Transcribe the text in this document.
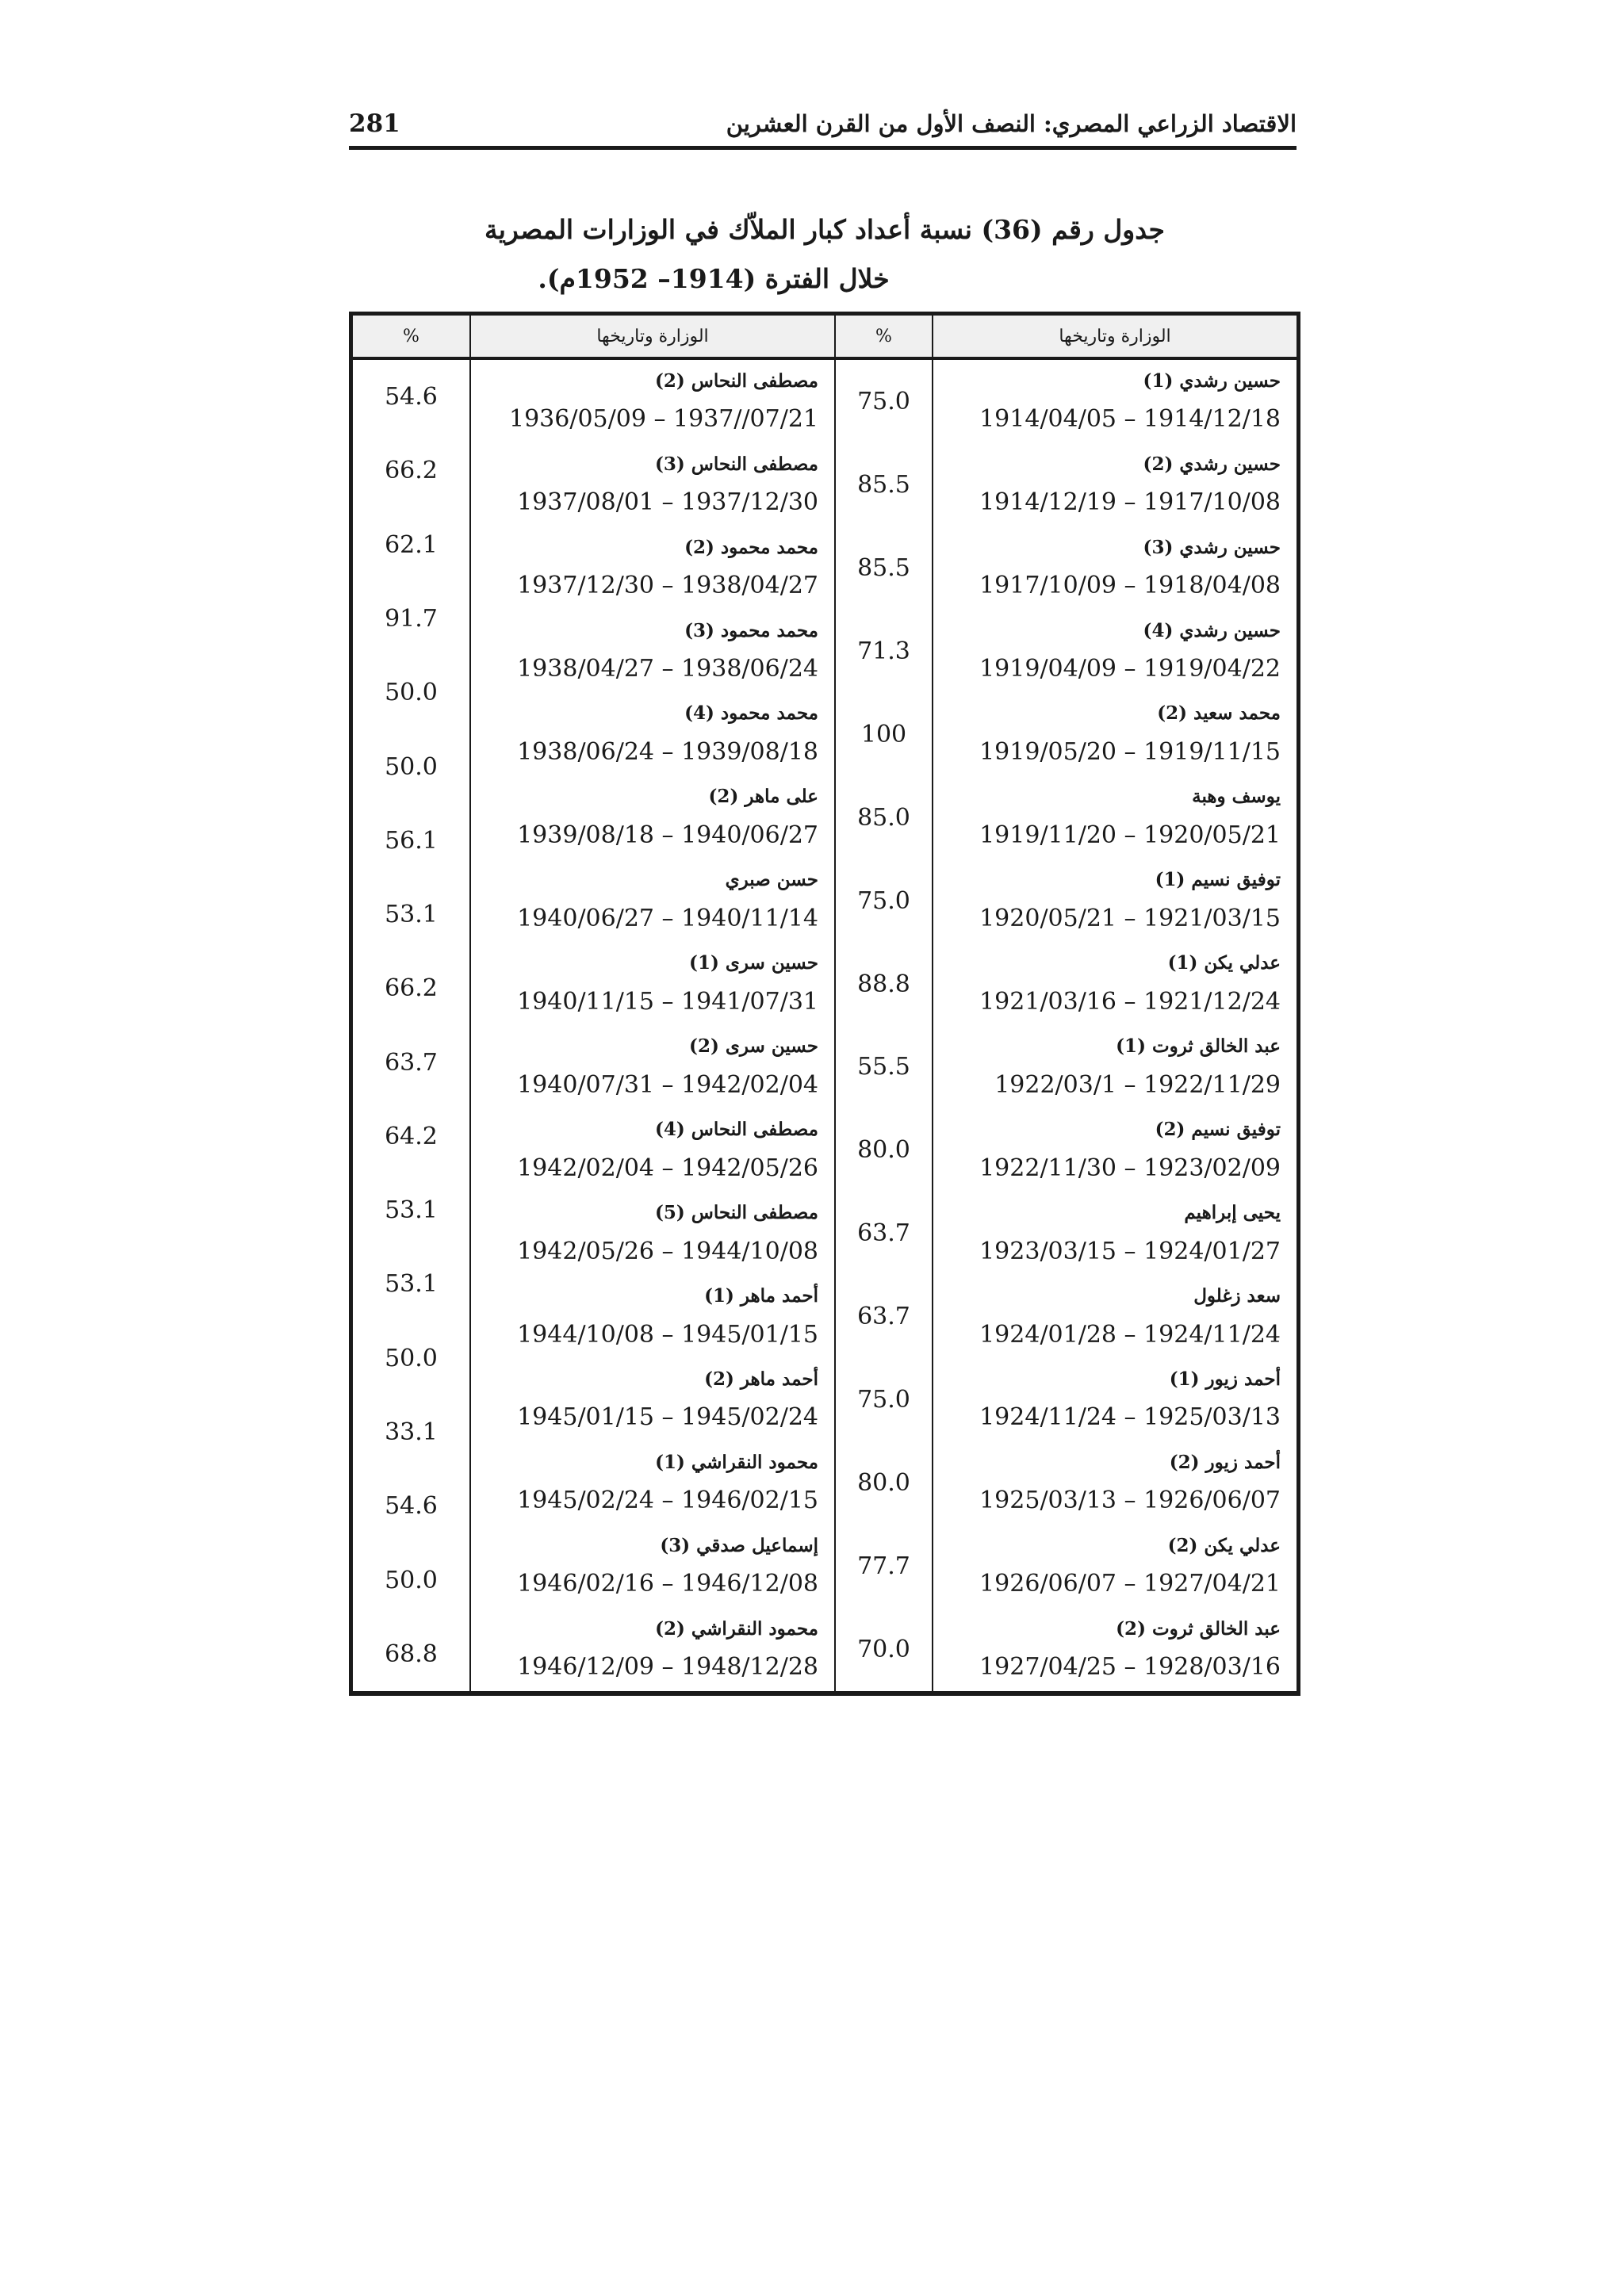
281	الاقتصاد الزراعي المصري: النصف الأول من القرن العشرين
جدول رقم (36) نسبة أعداد كبار الملاّك في الوزارات المصرية
خلال الفترة (1914– 1952م).
الوزارة وتاريخها
حسين رشدي (1)
1914/04/05 – 1914/12/18
حسين رشدي (2)
1914/12/19 – 1917/10/08
حسين رشدي (3)
1917/10/09 – 1918/04/08
حسين رشدي (4)
1919/04/09 – 1919/04/22
محمد سعيد (2)
1919/05/20 – 1919/11/15
يوسف وهبة
1919/11/20 – 1920/05/21
توفيق نسيم (1)
1920/05/21 – 1921/03/15
عدلي يكن (1)
1921/03/16 – 1921/12/24
عبد الخالق ثروت (1)
1922/03/1 – 1922/11/29
توفيق نسيم (2)
1922/11/30 – 1923/02/09
يحيى إبراهيم
1923/03/15 – 1924/01/27
سعد زغلول
1924/01/28 – 1924/11/24
أحمد زيور (1)
1924/11/24 – 1925/03/13
أحمد زيور (2)
1925/03/13 – 1926/06/07
عدلي يكن (2)
1926/06/07 – 1927/04/21
عبد الخالق ثروت (2)
1927/04/25 – 1928/03/16
%
75.0
85.5
85.5
71.3
100
85.0
75.0
88.8
55.5
80.0
63.7
63.7
75.0
80.0
77.7
70.0
الوزارة وتاريخها
مصطفى النحاس (2)
1936/05/09 – 1937//07/21
مصطفى النحاس (3)
1937/08/01 – 1937/12/30
محمد محمود (2)
1937/12/30 – 1938/04/27
محمد محمود (3)
1938/04/27 – 1938/06/24
محمد محمود (4)
1938/06/24 – 1939/08/18
على ماهر (2)
1939/08/18 – 1940/06/27
حسن صبري
1940/06/27 – 1940/11/14
حسين سرى (1)
1940/11/15 – 1941/07/31
حسين سرى (2)
1940/07/31 – 1942/02/04
مصطفى النحاس (4)
1942/02/04 – 1942/05/26
مصطفى النحاس (5)
1942/05/26 – 1944/10/08
أحمد ماهر (1)
1944/10/08 – 1945/01/15
أحمد ماهر (2)
1945/01/15 – 1945/02/24
محمود النقراشي (1)
1945/02/24 – 1946/02/15
إسماعيل صدقي (3)
1946/02/16 – 1946/12/08
محمود النقراشي (2)
1946/12/09 – 1948/12/28
%
54.6
66.2
62.1
91.7
50.0
50.0
56.1
53.1
66.2
63.7
64.2
53.1
53.1
50.0
33.1
54.6
50.0
68.8
